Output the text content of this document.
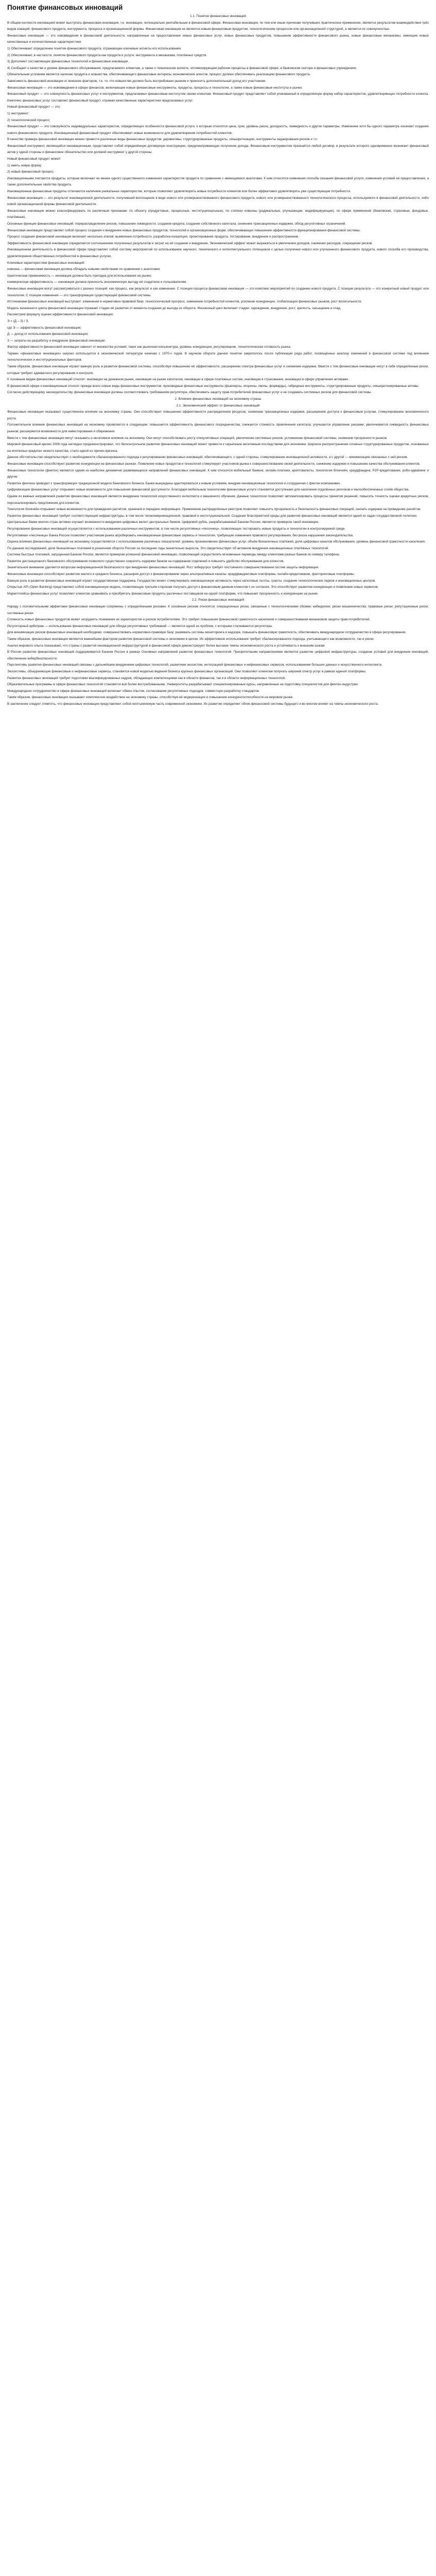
Понятие финансовых инноваций

1.1. Понятие финансовых инноваций

В общем контексте инновацией может выступать финансовая инновация, т.е. инновации, потенциально рентабельные в финансовой сфере. Финансовая инновация, по тем или иным причинам получивших практическое применение, является результатом взаимодействия трёх видов новаций: финансового продукта, инструмента, процесса и организационной формы. Финансовая инновация не является новым финансовым продуктом, технологическим процессом или организационной структурой, а является их совокупностью.

Финансовые инновации — это нововведения в финансовой деятельности, направленные на предоставление новых финансовых услуг, новых финансовых продуктов, повышение эффективности финансового рынка, новые финансовые механизмы, имеющие новые качественные и количественные характеристики.

1) Обеспечивает определение понятия финансового продукта, отражающее ключевые аспекты его использования.

2) Обеспечивает, в частности, понятие финансового продукта как продукта и услуги; инструмента и механизма, платёжных средств.

3) Дополняет составляющие финансовых технологий и финансовые инновации.

4) Сообщает о качестве и уровне финансового обслуживания, предлагаемого клиентам, а также о техническом аспекте, оптимизирующем рабочие процессы в финансовой сфере, в банковском секторе и финансовых учреждениях.

Обязательным условием является наличие продукта и новшества, обеспечивающего финансовые интересы экономических агентов; процесс должен обеспечивать реализацию финансового продукта.

Зависимость финансовой инновации от внешних факторов, т.е. то, что новшество должно быть востребовано рынком и приносить дополнительный доход его участникам.

Финансовая инновация — это нововведение в сфере финансов, включающее новые финансовые инструменты, продукты, процессы и технологии, а также новые финансовые институты и рынки.

Финансовый продукт — это совокупность финансовых услуг и инструментов, предлагаемых финансовым институтом своим клиентам. Финансовый продукт представляет собой упакованный в определённую форму набор характеристик, удовлетворяющих потребности клиента. Комплекс финансовых услуг составляет финансовый продукт, отражая качественные характеристики предлагаемых услуг.

Новый финансовый продукт — это:

1) инструмент;

2) технологический процесс;

Финансовый продукт — это совокупность индивидуальных характеристик, определяющих особенности финансовой услуги, к которым относятся цена, срок, уровень риска, доходность, ликвидность и другие параметры. Изменение хотя бы одного параметра означает создание нового финансового продукта. Инновационный финансовый продукт обеспечивает новые возможности для удовлетворения потребностей клиентов.

В качестве примера финансовой инновации можно привести различные виды финансовых продуктов: деривативы, структурированные продукты, секьюритизацию, инструменты хеджирования рисков и т.п.

Финансовый инструмент, являющийся инновационным, представляет собой определённую договорную конструкцию, предусматривающую получение дохода. Финансовым инструментом признаётся любой договор, в результате которого одновременно возникает финансовый актив у одной стороны и финансовое обязательство или долевой инструмент у другой стороны.

Новый финансовый продукт может:

1) иметь новую форму;

2) новый финансовый процесс.

Инновационными считаются продукты, которые включают не менее одного существенного изменения характеристик продукта по сравнению с имеющимися аналогами. К ним относятся изменения способа оказания финансовой услуги, изменения условий её предоставления, а также дополнительные свойства продукта.

Инновационные финансовые продукты отличаются наличием уникальных характеристик, которые позволяют удовлетворять новые потребности клиентов или более эффективно удовлетворять уже существующие потребности.

Финансовая инновация — это результат инновационной деятельности, получивший воплощение в виде нового или усовершенствованного финансового продукта, нового или усовершенствованного технологического процесса, используемого в финансовой деятельности, либо новой организационной формы финансовой деятельности.

Финансовые инновации можно классифицировать по различным признакам: по объекту (продуктовые, процессные, институциональные), по степени новизны (радикальные, улучшающие, модифицирующие), по сфере применения (банковские, страховые, фондовые, платёжные).

Основные функции финансовых инноваций: перераспределение рисков, повышение ликвидности, создание кредита, создание собственного капитала, снижение трансакционных издержек, обход регулятивных ограничений.

Финансовая инновация представляет собой процесс создания и внедрения новых финансовых продуктов, технологий и организационных форм, обеспечивающих повышение эффективности функционирования финансовой системы.

Процесс создания финансовой инновации включает несколько этапов: выявление потребности, разработка концепции, проектирование продукта, тестирование, внедрение и распространение.

Эффективность финансовой инновации определяется соотношением полученных результатов и затрат на её создание и внедрение. Экономический эффект может выражаться в увеличении доходов, снижении расходов, сокращении рисков.

Инновационная деятельность в финансовой сфере представляет собой систему мероприятий по использованию научного, технического и интеллектуального потенциала с целью получения нового или улучшенного финансового продукта, нового способа его производства, удовлетворения общественных потребностей в финансовых услугах.

Ключевые характеристики финансовых инноваций:

новизна — финансовая инновация должна обладать новыми свойствами по сравнению с аналогами;

практическая применимость — инновация должна быть пригодна для использования на рынке;

коммерческая эффективность — инновация должна приносить экономическую выгоду её создателю и пользователям.

Финансовые инновации могут рассматриваться с разных позиций: как процесс, как результат и как изменение. С позиции процесса финансовая инновация — это комплекс мероприятий по созданию нового продукта. С позиции результата — это конкретный новый продукт или технология. С позиции изменения — это трансформация существующей финансовой системы.

Источниками финансовых инноваций выступают: изменения в нормативно-правовой базе, технологический прогресс, изменение потребностей клиентов, усиление конкуренции, глобализация финансовых рынков, рост волатильности.

Модель жизненного цикла финансовой инновации отражает стадии её развития от момента создания до выхода из оборота. Жизненный цикл включает стадии: зарождение, внедрение, рост, зрелость, насыщение и спад.

Рассмотрим формулу оценки эффективности финансовой инновации:

Э = (Д – З) / З,

где Э — эффективность финансовой инновации;

Д — доход от использования финансовой инновации;

З — затраты на разработку и внедрение финансовой инновации.

Фактор эффективности финансовой инновации зависит от множества условий, таких как рыночная конъюнктура, уровень конкуренции, регулирование, технологическая готовность рынка.

Термин «финансовые инновации» широко используется в экономической литературе начиная с 1970-х годов. В научном обороте данное понятие закрепилось после публикации ряда работ, посвящённых анализу изменений в финансовой системе под влиянием технологических и институциональных факторов.

Таким образом, финансовые инновации играют важную роль в развитии финансовой системы, способствуя повышению её эффективности, расширению спектра финансовых услуг и снижению издержек. Вместе с тем финансовые инновации несут в себе определённые риски, которые требуют адекватного регулирования и контроля.

К основным видам финансовых инноваций относят: инновации на денежном рынке, инновации на рынке капиталов, инновации в сфере платёжных систем, инновации в страховании, инновации в сфере управления активами.

В финансовой сфере к инновационным относят прежде всего новые виды финансовых инструментов: производные финансовые инструменты (фьючерсы, опционы, свопы, форварды), гибридные инструменты, структурированные продукты, секьюритизированные активы.

Согласно действующему законодательству, финансовые инновации должны соответствовать требованиям регулятора, обеспечивать защиту прав потребителей финансовых услуг и не создавать системных рисков для финансовой системы.

2. Влияние финансовых инноваций на экономику страны

2.1. Экономический эффект от финансовых инноваций

Финансовые инновации оказывают существенное влияние на экономику страны. Они способствуют повышению эффективности распределения ресурсов, снижению транзакционных издержек, расширению доступа к финансовым услугам, стимулированию экономического роста.

Положительное влияние финансовых инноваций на экономику проявляется в следующем: повышается эффективность финансового посредничества; снижается стоимость привлечения капитала; улучшается управление рисками; увеличивается ликвидность финансовых рынков; расширяются возможности для инвестирования и сбережения.

Вместе с тем финансовые инновации могут оказывать и негативное влияние на экономику. Они могут способствовать росту спекулятивных операций, увеличению системных рисков, усложнению финансовой системы, снижению прозрачности рынков.

Мировой финансовый кризис 2008 года наглядно продемонстрировал, что бесконтрольное развитие финансовых инноваций может привести к серьёзным негативным последствиям для экономики. Широкое распространение сложных структурированных продуктов, основанных на ипотечных кредитах низкого качества, стало одной из причин кризиса.

Данное обстоятельство свидетельствует о необходимости сбалансированного подхода к регулированию финансовых инноваций, обеспечивающего, с одной стороны, стимулирование инновационной активности, а с другой — минимизацию связанных с ней рисков.

Финансовые инновации способствуют развитию конкуренции на финансовых рынках. Появление новых продуктов и технологий стимулирует участников рынка к совершенствованию своей деятельности, снижению издержек и повышению качества обслуживания клиентов.

Финансовые технологии (финтех) являются одним из наиболее динамично развивающихся направлений финансовых инноваций. К ним относятся мобильный банкинг, онлайн-платежи, криптовалюты, технология блокчейн, краудфандинг, P2P-кредитование, робо-эдвайзинг и другие.

Развитие финтеха приводит к трансформации традиционной модели банковского бизнеса. Банки вынуждены адаптироваться к новым условиям, внедряя инновационные технологии и сотрудничая с финтех-компаниями.

Цифровизация финансовых услуг открывает новые возможности для повышения финансовой доступности. Благодаря мобильным технологиям финансовые услуги становятся доступными для населения отдалённых регионов и малообеспеченных слоёв общества.

Одним из важных направлений развития финансовых инноваций является внедрение технологий искусственного интеллекта и машинного обучения. Данные технологии позволяют автоматизировать процессы принятия решений, повысить точность оценки кредитных рисков, персонализировать предложения для клиентов.

Технология блокчейн открывает новые возможности для проведения расчётов, хранения и передачи информации. Применение распределённых реестров позволяет повысить прозрачность и безопасность финансовых операций, снизить издержки на проведение расчётов.

Развитие финансовых инноваций требует соответствующей инфраструктуры, в том числе телекоммуникационной, правовой и институциональной. Создание благоприятной среды для развития финансовых инноваций является одной из задач государственной политики.

Центральные банки многих стран активно изучают возможности внедрения цифровых валют центральных банков. Цифровой рубль, разрабатываемый Банком России, является примером такой инновации.

Регулирование финансовых инноваций осуществляется с использованием различных инструментов, в том числе регулятивных «песочниц», позволяющих тестировать новые продукты и технологии в контролируемой среде.

Регулятивная «песочница» Банка России позволяет участникам рынка апробировать инновационные финансовые сервисы и технологии, требующие изменения правового регулирования, без риска нарушения законодательства.

Оценка влияния финансовых инноваций на экономику осуществляется с использованием различных показателей: уровень проникновения финансовых услуг, объём безналичных платежей, доля цифровых каналов обслуживания, уровень финансовой грамотности населения.

По данным исследований, доля безналичных платежей в розничном обороте России за последние годы значительно выросла. Это свидетельствует об активном внедрении инновационных платёжных технологий.

Система быстрых платежей, запущенная Банком России, является примером успешной финансовой инновации, позволяющей осуществлять мгновенные переводы между клиентами разных банков по номеру телефона.

Развитие дистанционного банковского обслуживания позволило существенно сократить издержки банков на содержание отделений и повысить удобство обслуживания для клиентов.

Значительное внимание уделяется вопросам информационной безопасности при внедрении финансовых инноваций. Рост киберугроз требует постоянного совершенствования систем защиты информации.

Финансовые инновации способствуют развитию малого и среднего бизнеса, расширяя доступ к финансированию через альтернативные каналы: краудфандинговые платформы, онлайн-кредитование, факторинговые платформы.

Важную роль в развитии финансовых инноваций играет государственная поддержка. Государство может стимулировать инновационную активность через налоговые льготы, гранты, создание технологических парков и инновационных центров.

Открытые API (Open Banking) представляют собой инновационную модель, позволяющую третьим сторонам получать доступ к финансовым данным клиентов с их согласия. Это способствует развитию конкуренции и появлению новых сервисов.

Маркетплейсы финансовых услуг позволяют клиентам сравнивать и приобретать финансовые продукты различных поставщиков на одной платформе, что повышает прозрачность и конкуренцию на рынке.

2.2. Риски финансовых инноваций

Наряду с положительными эффектами финансовые инновации сопряжены с определёнными рисками. К основным рискам относятся: операционные риски, связанные с технологическими сбоями; киберриски; риски мошенничества; правовые риски; репутационные риски; системные риски.

Сложность новых финансовых продуктов может затруднять понимание их характеристик и рисков потребителями. Это требует повышения финансовой грамотности населения и совершенствования механизмов защиты прав потребителей.

Регуляторный арбитраж — использование финансовых инноваций для обхода регулятивных требований — является одной из проблем, с которыми сталкиваются регуляторы.

Для минимизации рисков финансовых инноваций необходимо: совершенствовать нормативно-правовую базу; развивать системы мониторинга и надзора; повышать финансовую грамотность; обеспечивать международное сотрудничество в сфере регулирования.

Таким образом, финансовые инновации являются важнейшим фактором развития финансовой системы и экономики в целом. Их эффективное использование требует сбалансированного подхода, учитывающего как возможности, так и риски.

Анализ мирового опыта показывает, что страны с развитой инновационной инфраструктурой в финансовой сфере демонстрируют более высокие темпы экономического роста и устойчивость к внешним шокам.

В России развитие финансовых инноваций поддерживается Банком России в рамках Основных направлений развития финансовых технологий. Приоритетными направлениями являются развитие цифровой инфраструктуры, создание условий для внедрения инноваций, обеспечение кибербезопасности.

Перспективы развития финансовых инноваций связаны с дальнейшим внедрением цифровых технологий, развитием экосистем, интеграцией финансовых и нефинансовых сервисов, использованием больших данных и искусственного интеллекта.

Экосистемы, объединяющие финансовые и нефинансовые сервисы, становятся новой моделью ведения бизнеса крупных финансовых организаций. Они позволяют клиентам получать широкий спектр услуг в рамках единой платформы.

Развитие финансовых инноваций требует подготовки квалифицированных кадров, обладающих компетенциями как в области финансов, так и в области информационных технологий.

Образовательные программы в сфере финансовых технологий становятся всё более востребованными. Университеты разрабатывают специализированные курсы, направленные на подготовку специалистов для финтех-индустрии.

Международное сотрудничество в сфере финансовых инноваций включает обмен опытом, согласование регулятивных подходов, совместную разработку стандартов.

Таким образом, финансовые инновации оказывают комплексное воздействие на экономику страны, способствуя её модернизации и повышению конкурентоспособности на мировом рынке.

В заключение следует отметить, что финансовые инновации представляют собой неотъемлемую часть современной экономики. Их развитие определяет облик финансовой системы будущего и во многом влияет на темпы экономического роста.
